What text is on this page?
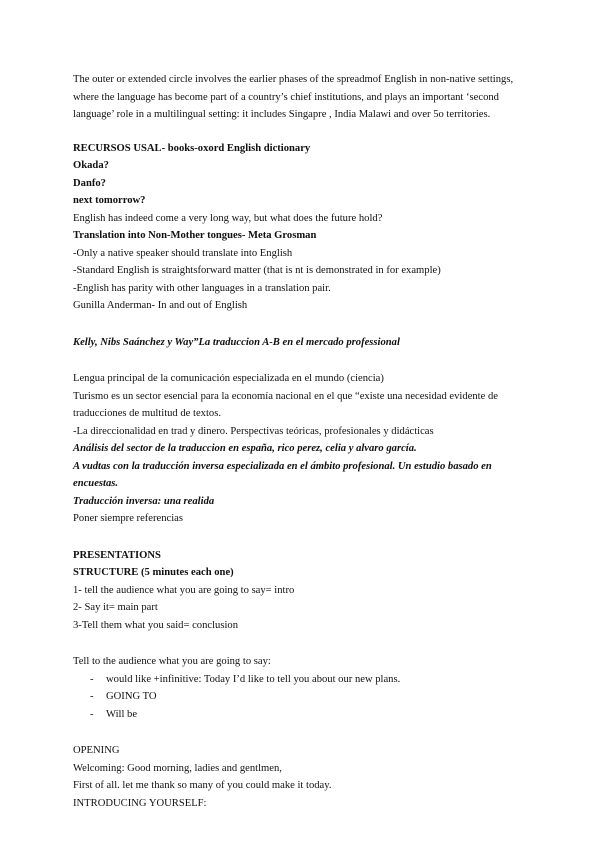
The outer or extended circle involves the earlier phases of the spreadmof English in non-native settings, where the language has become part of a country’s chief institutions, and plays an important ‘second language’ role in a multilingual setting: it includes Singapre , India Malawi and over 5o territories.

RECURSOS USAL- books-oxord English dictionary
Okada?
Danfo?
next tomorrow?
English has indeed come a very long way, but what does the future hold?
Translation into Non-Mother tongues- Meta Grosman
-Only a native speaker should translate into English
-Standard English is straightsforward matter (that is nt is demonstrated in for example)
-English has parity with other languages in a translation pair.
Gunilla Anderman- In and out of English
Kelly, Nibs Saánchez y Way”La traduccion A-B en el mercado professional
Lengua principal de la comunicación especializada en el mundo (ciencia)

Turismo es un sector esencial para la economía nacional en el que “existe una necesidad evidente de traducciones de multitud de textos.

-La direccionalidad en trad y dinero. Perspectivas teóricas, profesionales y didácticas
Análisis del sector de la traduccion en españa, rico perez, celia y alvaro garcía.

A vudtas con la traducción inversa especializada en el ámbito profesional. Un estudio basado en encuestas.

Traducción inversa: una realida
Poner siempre referencias
PRESENTATIONS
STRUCTURE (5 minutes each one)
1- tell the audience what you are going to say= intro
2- Say it= main part
3-Tell them what you said= conclusion
Tell to the audience what you are going to say:
- would like +infinitive: Today I’d like to tell you about our new plans.
- GOING TO
- Will be
OPENING
Welcoming: Good morning, ladies and gentlmen,
First of all. let me thank so many of you could make it today.
INTRODUCING YOURSELF:
